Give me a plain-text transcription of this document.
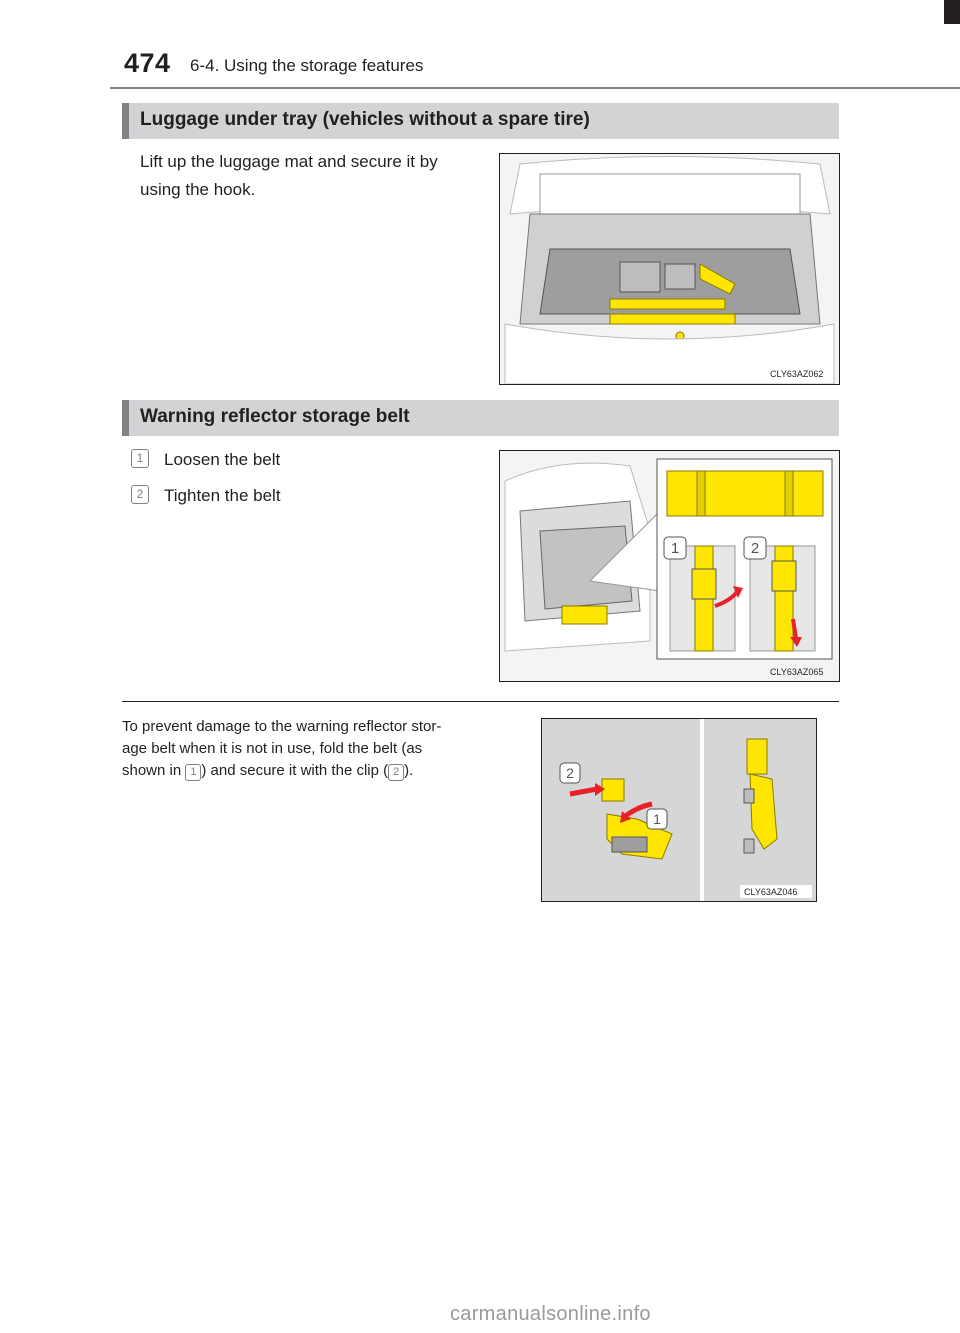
474 6-4. Using the storage features
Luggage under tray (vehicles without a spare tire)
Lift up the luggage mat and secure it by
using the hook.
CLY63AZ062
Warning reflector storage belt
1	Loosen the belt
2	Tighten the belt
1	2
CLY63AZ065
To prevent damage to the warning reflector stor-
age belt when it is not in use, fold the belt (as
shown in 1 ) and secure it with the clip ( 2 ).	2
1
CLY63AZ046
carmanualsonline.info
